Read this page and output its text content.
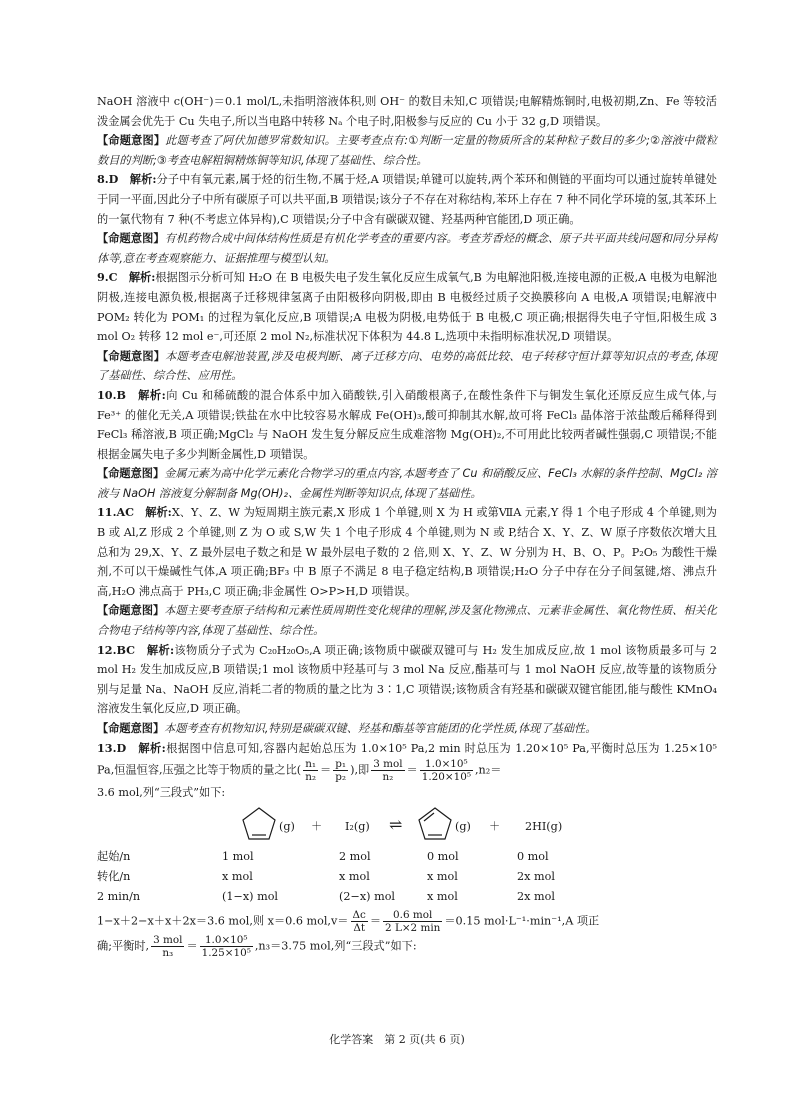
NaOH 溶液中 c(OH⁻)＝0.1 mol/L,未指明溶液体积,则 OH⁻ 的数目未知,C 项错误;电解精炼铜时,电极初期,Zn、Fe 等较活泼金属会优先于 Cu 失电子,所以当电路中转移 Nₐ 个电子时,阳极参与反应的 Cu 小于 32 g,D 项错误。

【命题意图】此题考查了阿伏加德罗常数知识。主要考查点有:①判断一定量的物质所含的某种粒子数目的多少;②溶液中微粒数目的判断;③考查电解粗铜精炼铜等知识,体现了基础性、综合性。

8.D　 解析:分子中有氧元素,属于烃的衍生物,不属于烃,A 项错误;单键可以旋转,两个苯环和侧链的平面均可以通过旋转单键处于同一平面,因此分子中所有碳原子可以共平面,B 项错误;该分子不存在对称结构,苯环上存在 7 种不同化学环境的氢,其苯环上的一氯代物有 7 种(不考虑立体异构),C 项错误;分子中含有碳碳双键、羟基两种官能团,D 项正确。

【命题意图】有机药物合成中间体结构性质是有机化学考查的重要内容。考查芳香烃的概念、原子共平面共线问题和同分异构体等,意在考查观察能力、证据推理与模型认知。

9.C　 解析:根据图示分析可知 H₂O 在 B 电极失电子发生氧化反应生成氧气,B 为电解池阳极,连接电源的正极,A 电极为电解池阴极,连接电源负极,根据离子迁移规律氢离子由阳极移向阴极,即由 B 电极经过质子交换膜移向 A 电极,A 项错误;电解液中 POM₂ 转化为 POM₁ 的过程为氧化反应,B 项错误;A 电极为阴极,电势低于 B 电极,C 项正确;根据得失电子守恒,阳极生成 3 mol O₂ 转移 12 mol e⁻,可还原 2 mol N₂,标准状况下体积为 44.8 L,选项中未指明标准状况,D 项错误。

【命题意图】本题考查电解池装置,涉及电极判断、离子迁移方向、电势的高低比较、电子转移守恒计算等知识点的考查,体现了基础性、综合性、应用性。

10.B　 解析:向 Cu 和稀硫酸的混合体系中加入硝酸铁,引入硝酸根离子,在酸性条件下与铜发生氧化还原反应生成气体,与 Fe³⁺ 的催化无关,A 项错误;铁盐在水中比较容易水解成 Fe(OH)₃,酸可抑制其水解,故可将 FeCl₃ 晶体溶于浓盐酸后稀释得到 FeCl₃ 稀溶液,B 项正确;MgCl₂ 与 NaOH 发生复分解反应生成难溶物 Mg(OH)₂,不可用此比较两者碱性强弱,C 项错误;不能根据金属失电子多少判断金属性,D 项错误。

【命题意图】金属元素为高中化学元素化合物学习的重点内容,本题考查了 Cu 和硝酸反应、FeCl₃ 水解的条件控制、MgCl₂ 溶液与 NaOH 溶液复分解制备 Mg(OH)₂、金属性判断等知识点,体现了基础性。

11.AC　 解析:X、Y、Z、W 为短周期主族元素,X 形成 1 个单键,则 X 为 H 或第ⅦA 元素,Y 得 1 个电子形成 4 个单键,则为 B 或 Al,Z 形成 2 个单键,则 Z 为 O 或 S,W 失 1 个电子形成 4 个单键,则为 N 或 P,结合 X、Y、Z、W 原子序数依次增大且总和为 29,X、Y、Z 最外层电子数之和是 W 最外层电子数的 2 倍,则 X、Y、Z、W 分别为 H、B、O、P。P₂O₅ 为酸性干燥剂,不可以干燥碱性气体,A 项正确;BF₃ 中 B 原子不满足 8 电子稳定结构,B 项错误;H₂O 分子中存在分子间氢键,熔、沸点升高,H₂O 沸点高于 PH₃,C 项正确;非金属性 O>P>H,D 项错误。

【命题意图】本题主要考查原子结构和元素性质周期性变化规律的理解,涉及氢化物沸点、元素非金属性、氧化物性质、相关化合物电子结构等内容,体现了基础性、综合性。

12.BC　 解析:该物质分子式为 C₂₀H₂₀O₅,A 项正确;该物质中碳碳双键可与 H₂ 发生加成反应,故 1 mol 该物质最多可与 2 mol H₂ 发生加成反应,B 项错误;1 mol 该物质中羟基可与 3 mol Na 反应,酯基可与 1 mol NaOH 反应,故等量的该物质分别与足量 Na、NaOH 反应,消耗二者的物质的量之比为 3∶1,C 项错误;该物质含有羟基和碳碳双键官能团,能与酸性 KMnO₄ 溶液发生氧化反应,D 项正确。

【命题意图】本题考查有机物知识,特别是碳碳双键、羟基和酯基等官能团的化学性质,体现了基础性。

13.D　 解析:根据图中信息可知,容器内起始总压为 1.0×10⁵ Pa,2 min 时总压为 1.20×10⁵ Pa,平衡时总压为 1.25×10⁵ Pa,恒温恒容,压强之比等于物质的量之比( $\frac{\text{n₁}}{\text{n₂}} = \frac{\text{p₁}}{\text{p₂}}$ ),即 $\frac{\text{3 mol}}{\text{n₂}} = \frac{\text{1.0×10⁵}}{\text{1.20×10⁵}} ,n_2=$

3.6 mol,列“三段式”如下:

(g) ＋ I₂(g) ⇌	(g) ＋ 2HI(g)
起始/n	1 mol	2 mol	0 mol	0 mol
转化/n	x mol	x mol	x mol	2x mol
2 min/n	(1−x) mol	(2−x) mol	x mol	2x mol

1−x＋2−x＋x＋2x＝3.6 mol,则 x＝0.6 $mol,v= \frac{\Delta c}{\Delta t} = \frac{\text{0.6 mol}}{2 L\times 2 \min} =0.15$ mol·L⁻¹·min⁻¹,A 项正

确;平衡时, $\frac{\text{3 mol}}{\text{n₃}} = \frac{\text{1.0×10⁵}}{\text{1.25×10⁵}} ,n_3=3.75$ mol,列“三段式”如下:

化学答案　第 2 页(共 6 页)
